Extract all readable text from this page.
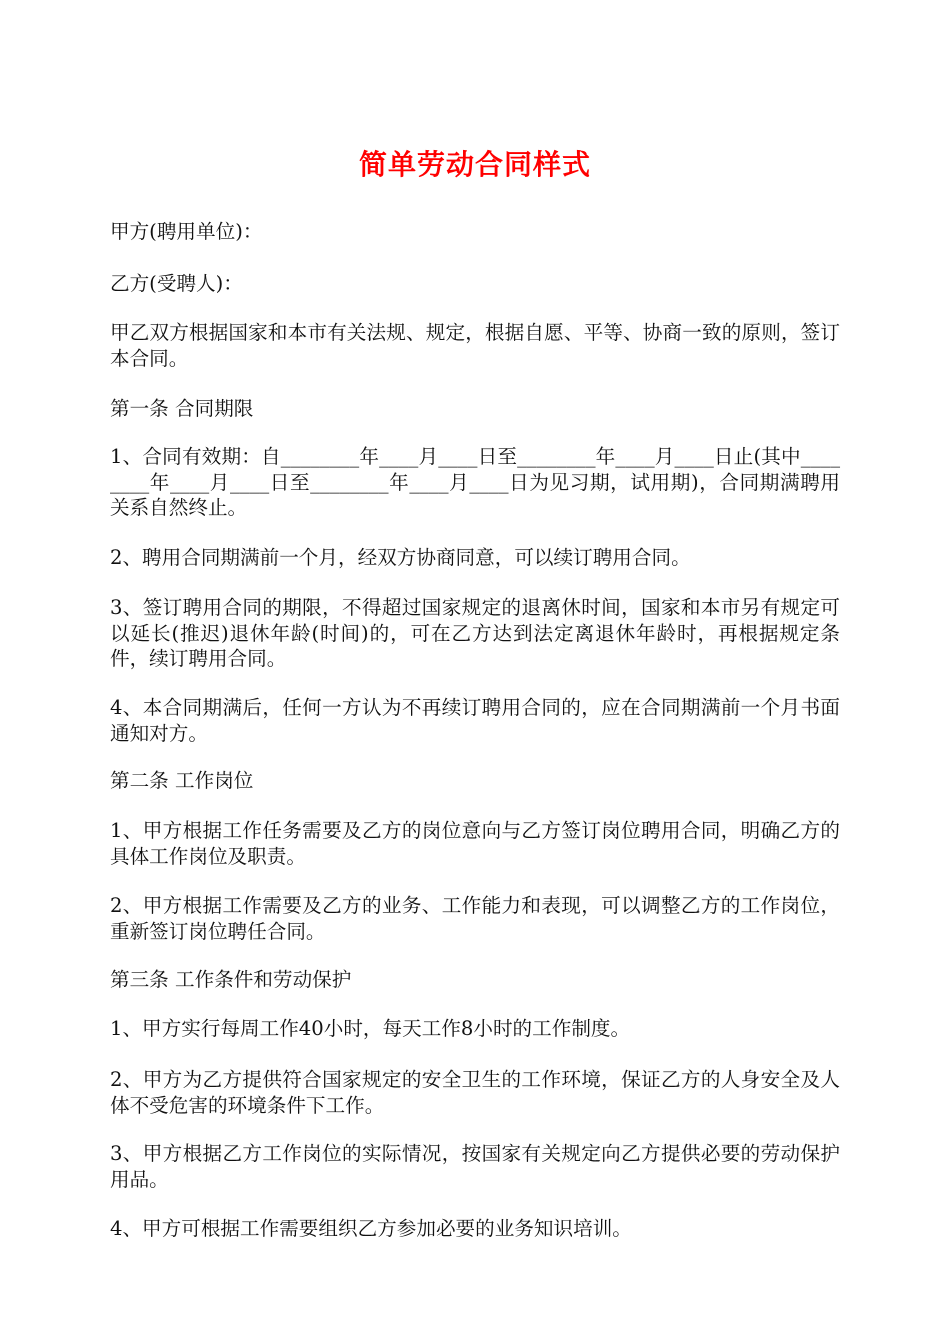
简单劳动合同样式

甲方(聘用单位)：

乙方(受聘人)：

甲乙双方根据国家和本市有关法规、规定，根据自愿、平等、协商一致的原则，签订本合同。

第一条 合同期限

1、合同有效期：自________年____月____日至________年____月____日止(其中________年____月____日至________年____月____日为见习期，试用期)，合同期满聘用关系自然终止。

2、聘用合同期满前一个月，经双方协商同意，可以续订聘用合同。

3、签订聘用合同的期限，不得超过国家规定的退离休时间，国家和本市另有规定可以延长(推迟)退休年龄(时间)的，可在乙方达到法定离退休年龄时，再根据规定条件，续订聘用合同。

4、本合同期满后，任何一方认为不再续订聘用合同的，应在合同期满前一个月书面通知对方。

第二条 工作岗位

1、甲方根据工作任务需要及乙方的岗位意向与乙方签订岗位聘用合同，明确乙方的具体工作岗位及职责。

2、甲方根据工作需要及乙方的业务、工作能力和表现，可以调整乙方的工作岗位，重新签订岗位聘任合同。

第三条 工作条件和劳动保护

1、甲方实行每周工作40小时，每天工作8小时的工作制度。

2、甲方为乙方提供符合国家规定的安全卫生的工作环境，保证乙方的人身安全及人体不受危害的环境条件下工作。

3、甲方根据乙方工作岗位的实际情况，按国家有关规定向乙方提供必要的劳动保护用品。

4、甲方可根据工作需要组织乙方参加必要的业务知识培训。
